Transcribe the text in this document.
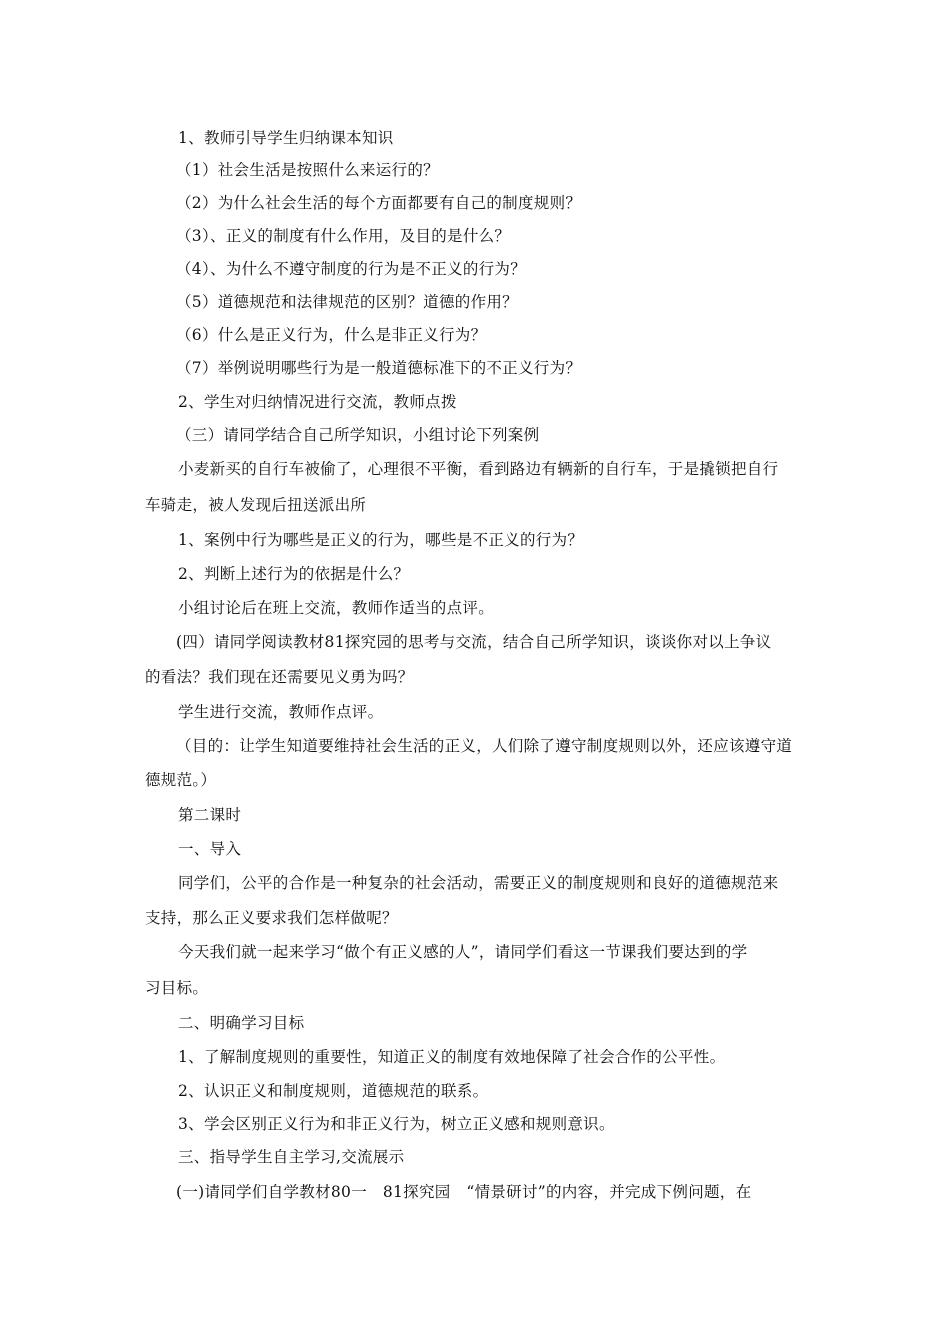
1、教师引导学生归纳课本知识
（1）社会生活是按照什么来运行的？
（2）为什么社会生活的每个方面都要有自己的制度规则？
（3）、正义的制度有什么作用，及目的是什么？
（4）、为什么不遵守制度的行为是不正义的行为？
（5）道德规范和法律规范的区别？道德的作用？
（6）什么是正义行为，什么是非正义行为？
（7）举例说明哪些行为是一般道德标准下的不正义行为？
2、学生对归纳情况进行交流，教师点拨
（三）请同学结合自己所学知识，小组讨论下列案例
小麦新买的自行车被偷了，心理很不平衡，看到路边有辆新的自行车，于是撬锁把自行
车骑走，被人发现后扭送派出所
1、案例中行为哪些是正义的行为，哪些是不正义的行为？
2、判断上述行为的依据是什么？
小组讨论后在班上交流，教师作适当的点评。
(四）请同学阅读教材81探究园的思考与交流，结合自己所学知识，谈谈你对以上争议
的看法？我们现在还需要见义勇为吗？
学生进行交流，教师作点评。
（目的：让学生知道要维持社会生活的正义，人们除了遵守制度规则以外，还应该遵守道
德规范。）
第二课时
一、导入
同学们，公平的合作是一种复杂的社会活动，需要正义的制度规则和良好的道德规范来
支持，那么正义要求我们怎样做呢？
今天我们就一起来学习“做个有正义感的人”，请同学们看这一节课我们要达到的学
习目标。
二、明确学习目标
1、了解制度规则的重要性，知道正义的制度有效地保障了社会合作的公平性。
2、认识正义和制度规则，道德规范的联系。
3、学会区别正义行为和非正义行为，树立正义感和规则意识。
三、指导学生自主学习,交流展示
(一)请同学们自学教材80一　81探究园　“情景研讨”的内容，并完成下例问题，在
